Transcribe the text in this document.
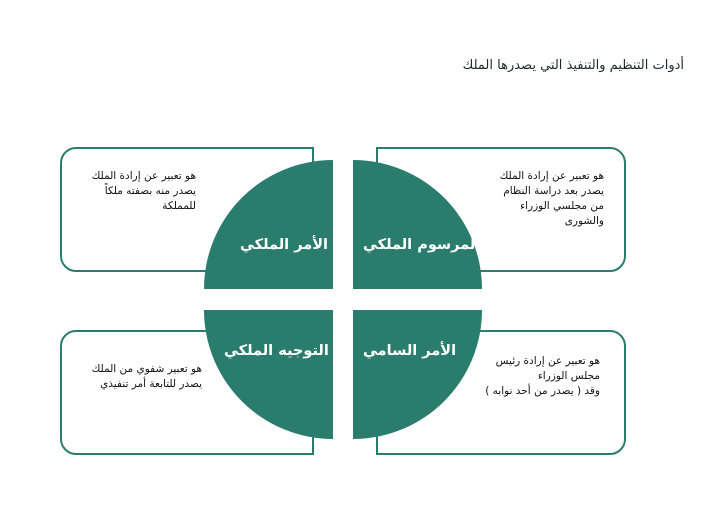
أدوات التنظيم والتنفيذ التي يصدرها الملك
هو تعبير عن إرادة الملك
يصدر بعد دراسة النظام
من مجلسي الوزراء
والشورى
هو تعبير عن إرادة الملك
يصدر منه بصفته ملكاً
للمملكة
هو تعبير عن إرادة رئيس
مجلس الوزراء
وقد ( يصدر من أحد نوابه )
هو تعبير شفوي من الملك
يصدر للتابعة أمر تنفيذي
المرسوم الملكي
الأمر الملكي
الأمر السامي
التوجيه الملكي
